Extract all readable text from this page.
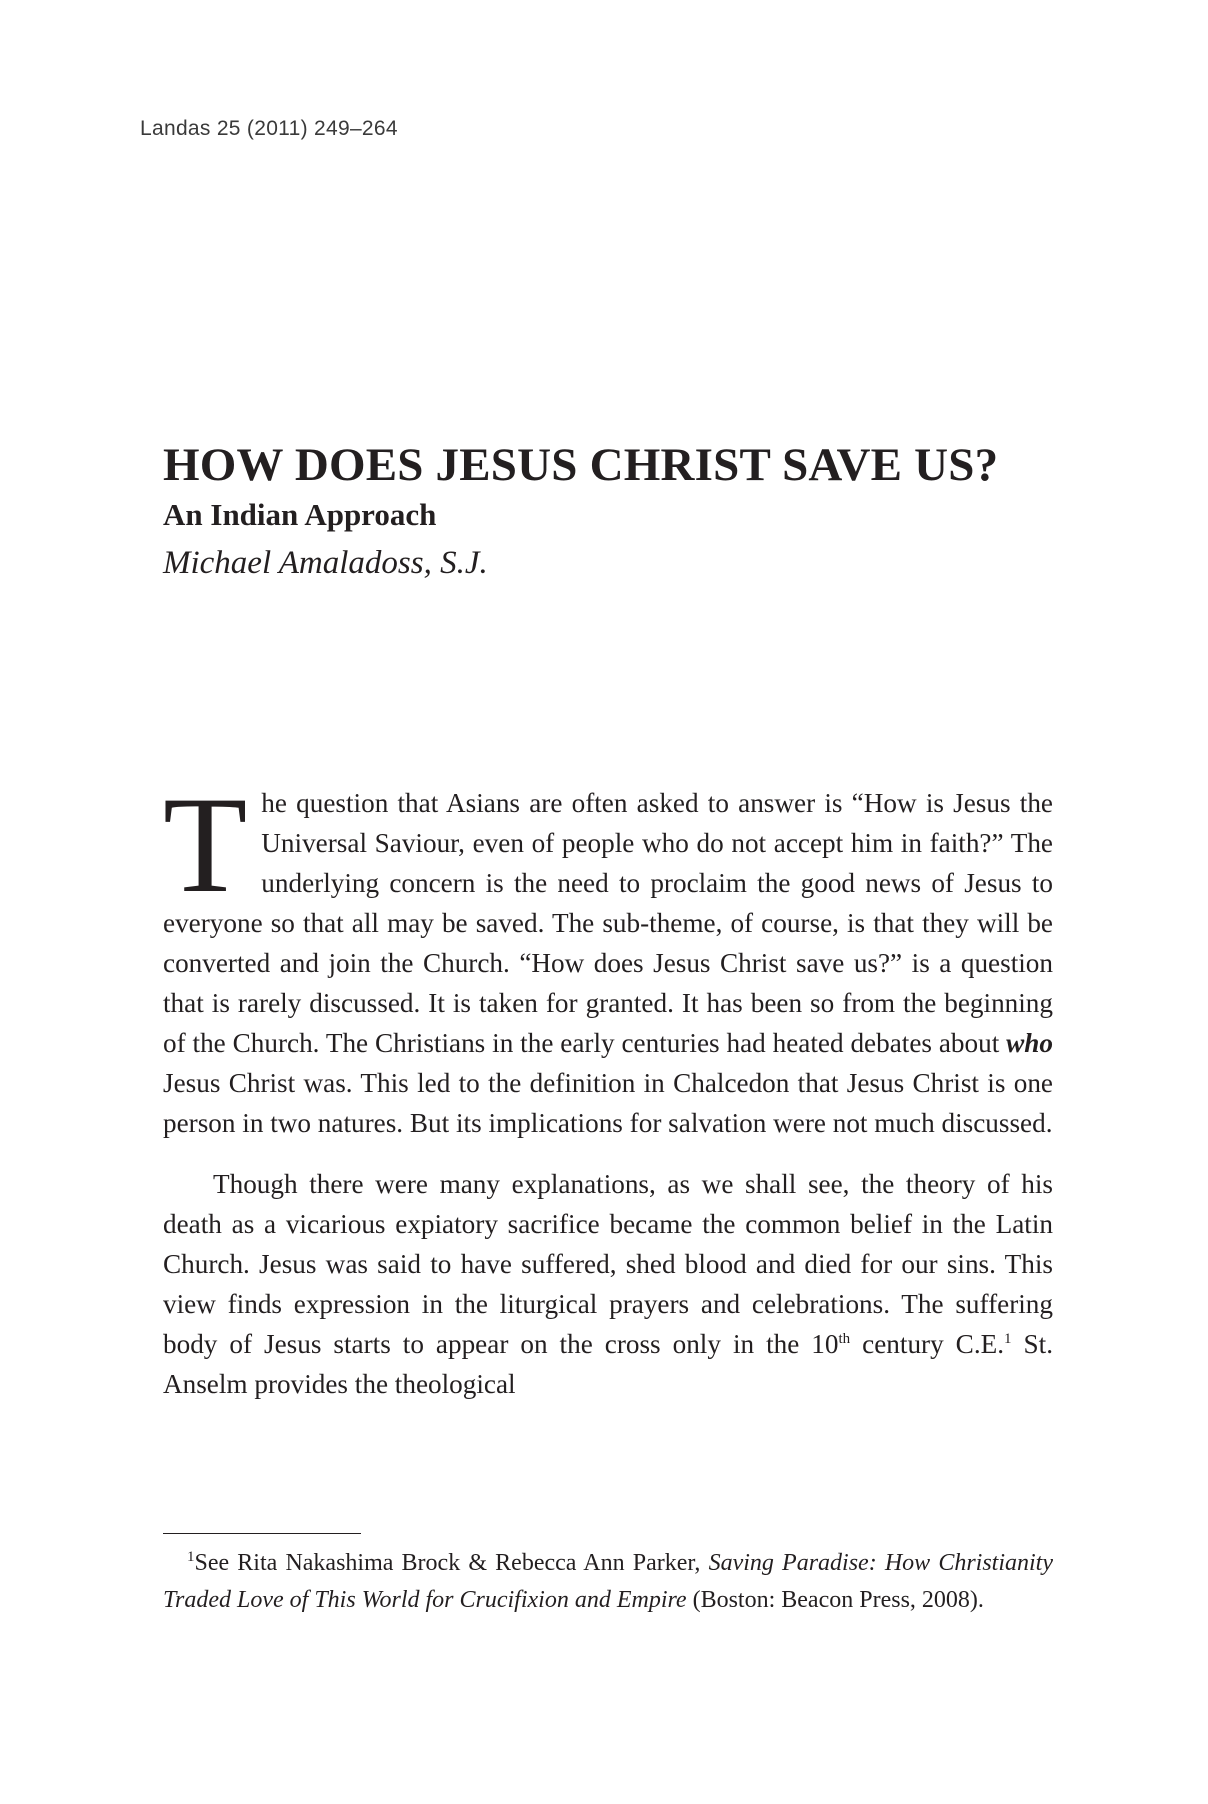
Landas 25 (2011) 249–264
HOW DOES JESUS CHRIST SAVE US?
An Indian Approach
Michael Amaladoss, S.J.

The question that Asians are often asked to answer is “How is Jesus the Universal Saviour, even of people who do not accept him in faith?” The underlying concern is the need to proclaim the good news of Jesus to everyone so that all may be saved. The sub-theme, of course, is that they will be converted and join the Church. “How does Jesus Christ save us?” is a question that is rarely discussed. It is taken for granted. It has been so from the beginning of the Church. The Christians in the early centuries had heated debates about who Jesus Christ was. This led to the definition in Chalcedon that Jesus Christ is one person in two natures. But its implications for salvation were not much discussed.

Though there were many explanations, as we shall see, the theory of his death as a vicarious expiatory sacrifice became the common belief in the Latin Church. Jesus was said to have suffered, shed blood and died for our sins. This view finds expression in the liturgical prayers and celebrations. The suffering body of Jesus starts to appear on the cross only in the 10th century C.E.$^1$ St. Anselm provides the theological

$^1$See Rita Nakashima Brock & Rebecca Ann Parker, Saving Paradise: How Christianity Traded Love of This World for Crucifixion and Empire (Boston: Beacon Press, 2008).
